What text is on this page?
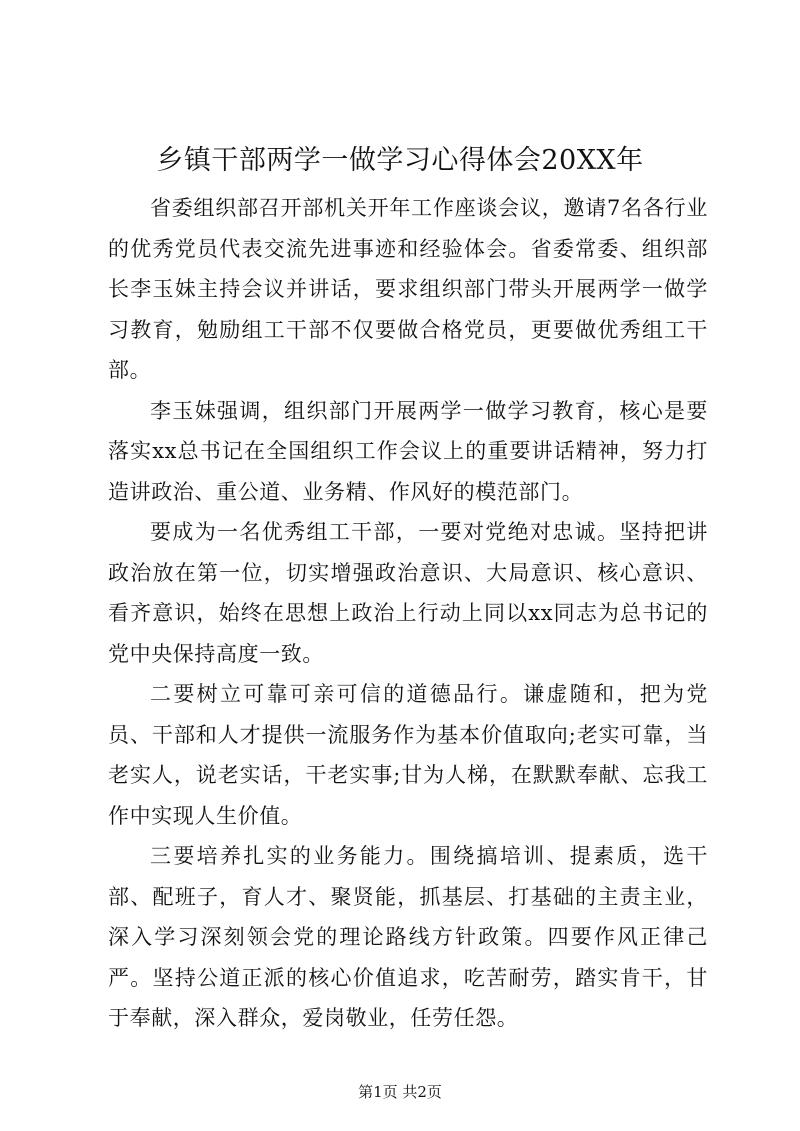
乡镇干部两学一做学习心得体会20XX年

省委组织部召开部机关开年工作座谈会议，邀请7名各行业的优秀党员代表交流先进事迹和经验体会。省委常委、组织部长李玉妹主持会议并讲话，要求组织部门带头开展两学一做学习教育，勉励组工干部不仅要做合格党员，更要做优秀组工干部。

李玉妹强调，组织部门开展两学一做学习教育，核心是要落实xx总书记在全国组织工作会议上的重要讲话精神，努力打造讲政治、重公道、业务精、作风好的模范部门。

要成为一名优秀组工干部，一要对党绝对忠诚。坚持把讲政治放在第一位，切实增强政治意识、大局意识、核心意识、看齐意识，始终在思想上政治上行动上同以xx同志为总书记的党中央保持高度一致。

二要树立可靠可亲可信的道德品行。谦虚随和，把为党员、干部和人才提供一流服务作为基本价值取向;老实可靠，当老实人，说老实话，干老实事;甘为人梯，在默默奉献、忘我工作中实现人生价值。

三要培养扎实的业务能力。围绕搞培训、提素质，选干部、配班子，育人才、聚贤能，抓基层、打基础的主责主业，深入学习深刻领会党的理论路线方针政策。四要作风正律己严。坚持公道正派的核心价值追求，吃苦耐劳，踏实肯干，甘于奉献，深入群众，爱岗敬业，任劳任怨。

第1页 共2页
